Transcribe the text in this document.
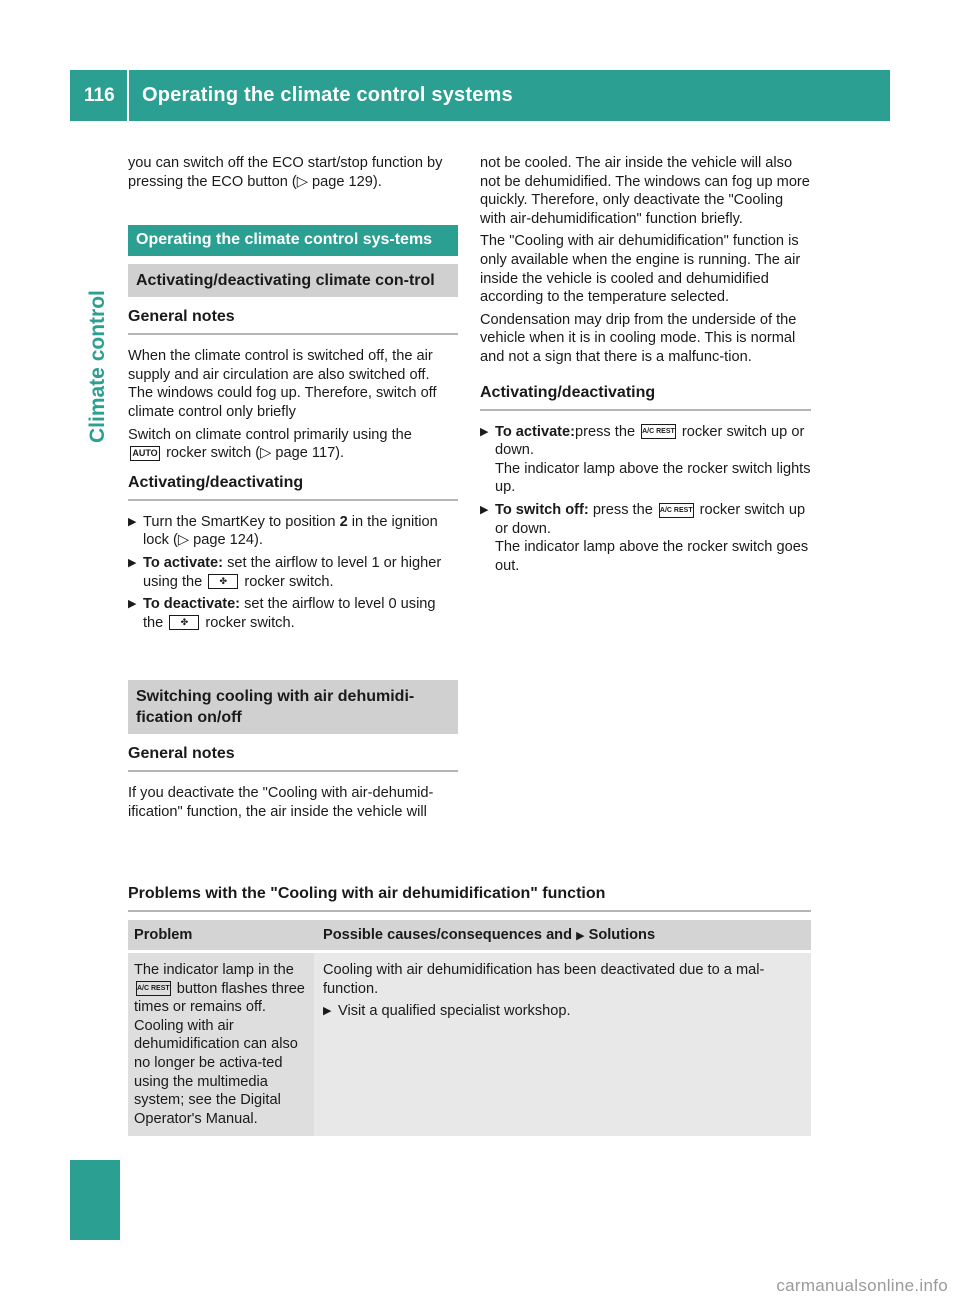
116 Operating the climate control systems
Climate control

you can switch off the ECO start/stop function by pressing the ECO button (▷ page 129).

Operating the climate control sys-tems
Activating/deactivating climate con-trol
General notes

When the climate control is switched off, the air supply and air circulation are also switched off. The windows could fog up. Therefore, switch off climate control only briefly

Switch on climate control primarily using the
AUTO rocker switch (▷ page 117).

Activating/deactivating
▶ Turn the SmartKey to position 2 in the ignition lock (▷ page 124).
▶ To activate: set the airflow to level 1 or higher using the ✤ rocker switch.
▶ To deactivate: set the airflow to level 0 using the ✤ rocker switch.
Switching cooling with air dehumidi-fication on/off
General notes

If you deactivate the "Cooling with air-dehumid-ification" function, the air inside the vehicle will

not be cooled. The air inside the vehicle will also not be dehumidified. The windows can fog up more quickly. Therefore, only deactivate the "Cooling with air-dehumidification" function briefly.

The "Cooling with air dehumidification" function is only available when the engine is running. The air inside the vehicle is cooled and dehumidified according to the temperature selected.

Condensation may drip from the underside of the vehicle when it is in cooling mode. This is normal and not a sign that there is a malfunc-tion.

Activating/deactivating
▶ To activate:press the A/C REST rocker switch up or down.
The indicator lamp above the rocker switch lights up.
▶ To switch off: press the A/C REST rocker switch up or down.
The indicator lamp above the rocker switch goes out.
Problems with the "Cooling with air dehumidification" function
Problem	Possible causes/consequences and ▶ Solutions
The indicator lamp in the
A/C REST button flashes three times or remains off. Cooling with air dehumidification can also no longer be activa-ted using the multimedia system; see the Digital Operator's Manual.

Cooling with air dehumidification has been deactivated due to a mal-function.

▶ Visit a qualified specialist workshop.
carmanualsonline.info
